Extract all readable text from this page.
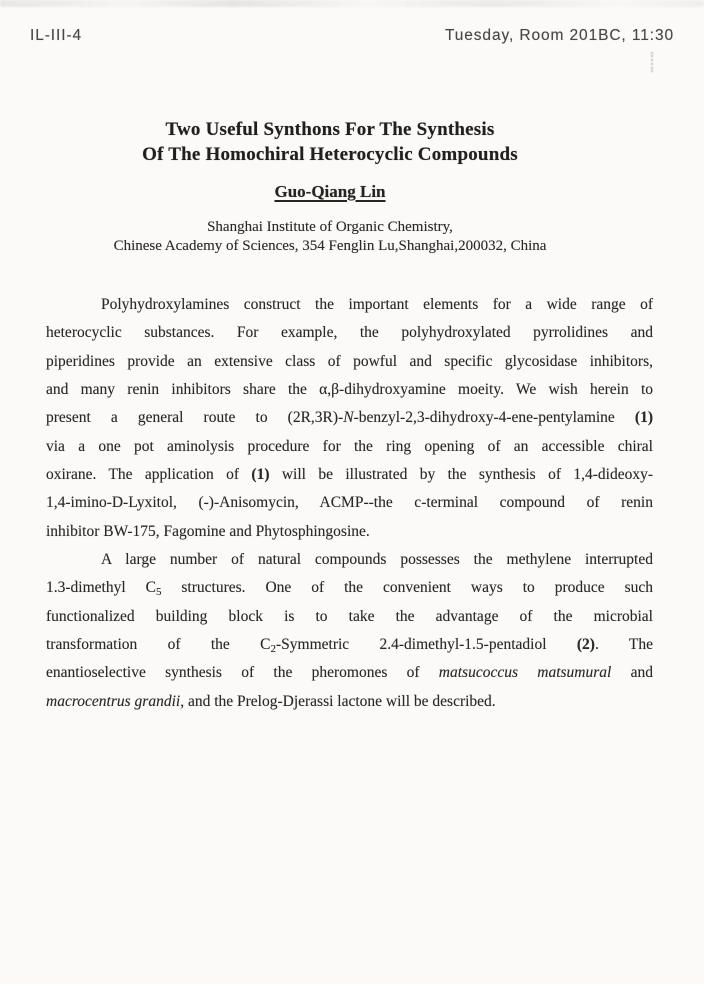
IL-III-4	Tuesday, Room 201BC, 11:30
Two Useful Synthons For The Synthesis
Of The Homochiral Heterocyclic Compounds
Guo-Qiang Lin
Shanghai Institute of Organic Chemistry,
Chinese Academy of Sciences, 354 Fenglin Lu,Shanghai,200032, China
Polyhydroxylamines construct the important elements for a wide range of
heterocyclic substances. For example, the polyhydroxylated pyrrolidines and
piperidines provide an extensive class of powful and specific glycosidase inhibitors,
and many renin inhibitors share the α,β-dihydroxyamine moeity. We wish herein to
present a general route to (2R,3R)-N-benzyl-2,3-dihydroxy-4-ene-pentylamine (1)
via a one pot aminolysis procedure for the ring opening of an accessible chiral
oxirane. The application of (1) will be illustrated by the synthesis of 1,4-dideoxy-
1,4-imino-D-Lyxitol, (-)-Anisomycin, ACMP--the c-terminal compound of renin
inhibitor BW-175, Fagomine and Phytosphingosine.
A large number of natural compounds possesses the methylene interrupted
1.3-dimethyl $C_5$ structures. One of the convenient ways to produce such
functionalized building block is to take the advantage of the microbial
transformation of the $C_2$-Symmetric 2.4-dimethyl-1.5-pentadiol (2). The
enantioselective synthesis of the pheromones of matsucoccus matsumural and
macrocentrus grandii, and the Prelog-Djerassi lactone will be described.
